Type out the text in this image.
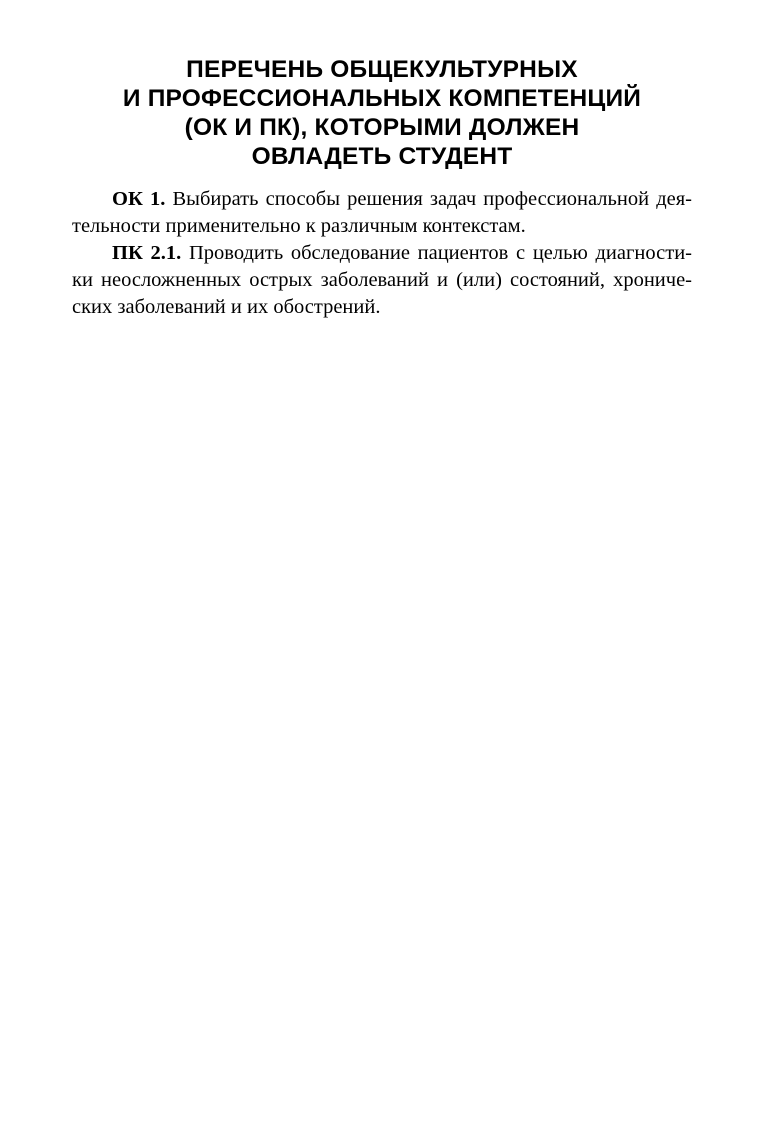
ПЕРЕЧЕНЬ ОБЩЕКУЛЬТУРНЫХ
И ПРОФЕССИОНАЛЬНЫХ КОМПЕТЕНЦИЙ
(ОК И ПК), КОТОРЫМИ ДОЛЖЕН
ОВЛАДЕТЬ СТУДЕНТ

ОК 1. Выбирать способы решения задач профессиональной дея-
тельности применительно к различным контекстам.

ПК 2.1. Проводить обследование пациентов с целью диагности-
ки неосложненных острых заболеваний и (или) состояний, хрониче-
ских заболеваний и их обострений.
